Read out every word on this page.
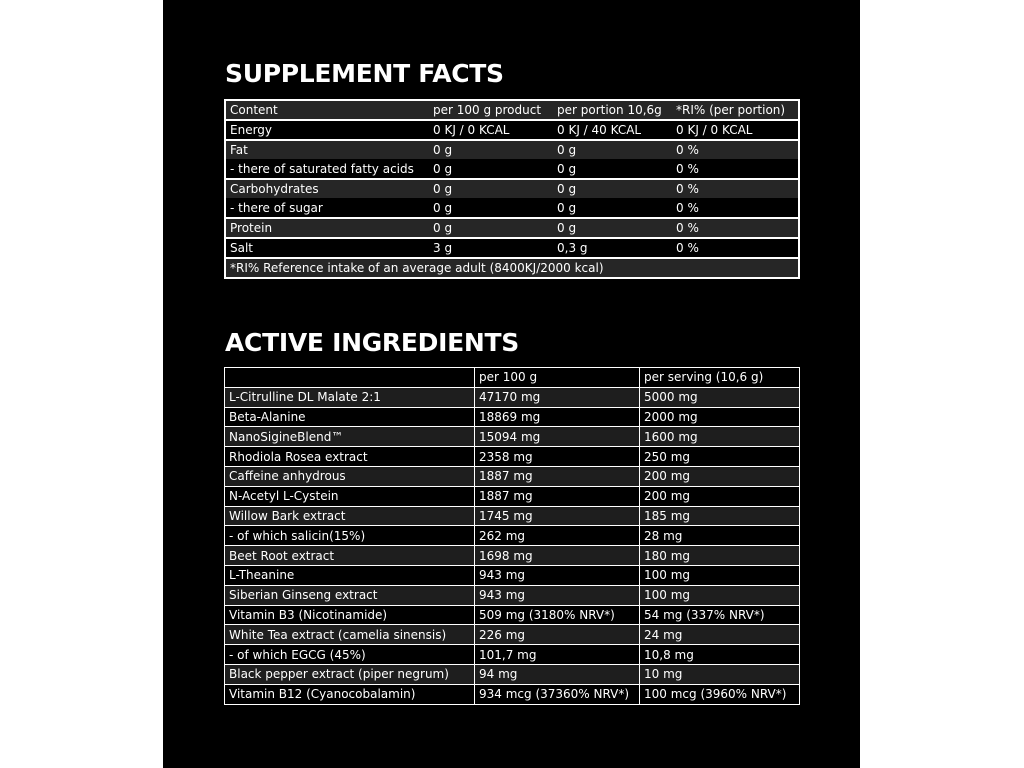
SUPPLEMENT FACTS
Content	per 100 g product	per portion 10,6g	*RI% (per portion)
Energy	0 KJ / 0 KCAL	0 KJ / 40 KCAL	0 KJ / 0 KCAL
Fat	0 g	0 g	0 %
- there of saturated fatty acids	0 g	0 g	0 %
Carbohydrates	0 g	0 g	0 %
- there of sugar	0 g	0 g	0 %
Protein	0 g	0 g	0 %
Salt	3 g	0,3 g	0 %
*RI% Reference intake of an average adult (8400KJ/2000 kcal)			
ACTIVE INGREDIENTS
	per 100 g	per serving (10,6 g)
L-Citrulline DL Malate 2:1	47170 mg	5000 mg
Beta-Alanine	18869 mg	2000 mg
NanoSigineBlend™	15094 mg	1600 mg
Rhodiola Rosea extract	2358 mg	250 mg
Caffeine anhydrous	1887 mg	200 mg
N-Acetyl L-Cystein	1887 mg	200 mg
Willow Bark extract	1745 mg	185 mg
- of which salicin(15%)	262 mg	28 mg
Beet Root extract	1698 mg	180 mg
L-Theanine	943 mg	100 mg
Siberian Ginseng extract	943 mg	100 mg
Vitamin B3 (Nicotinamide)	509 mg (3180% NRV*)	54 mg (337% NRV*)
White Tea extract (camelia sinensis)	226 mg	24 mg
- of which EGCG (45%)	101,7 mg	10,8 mg
Black pepper extract (piper negrum)	94 mg	10 mg
Vitamin B12 (Cyanocobalamin)	934 mcg (37360% NRV*)	100 mcg (3960% NRV*)
